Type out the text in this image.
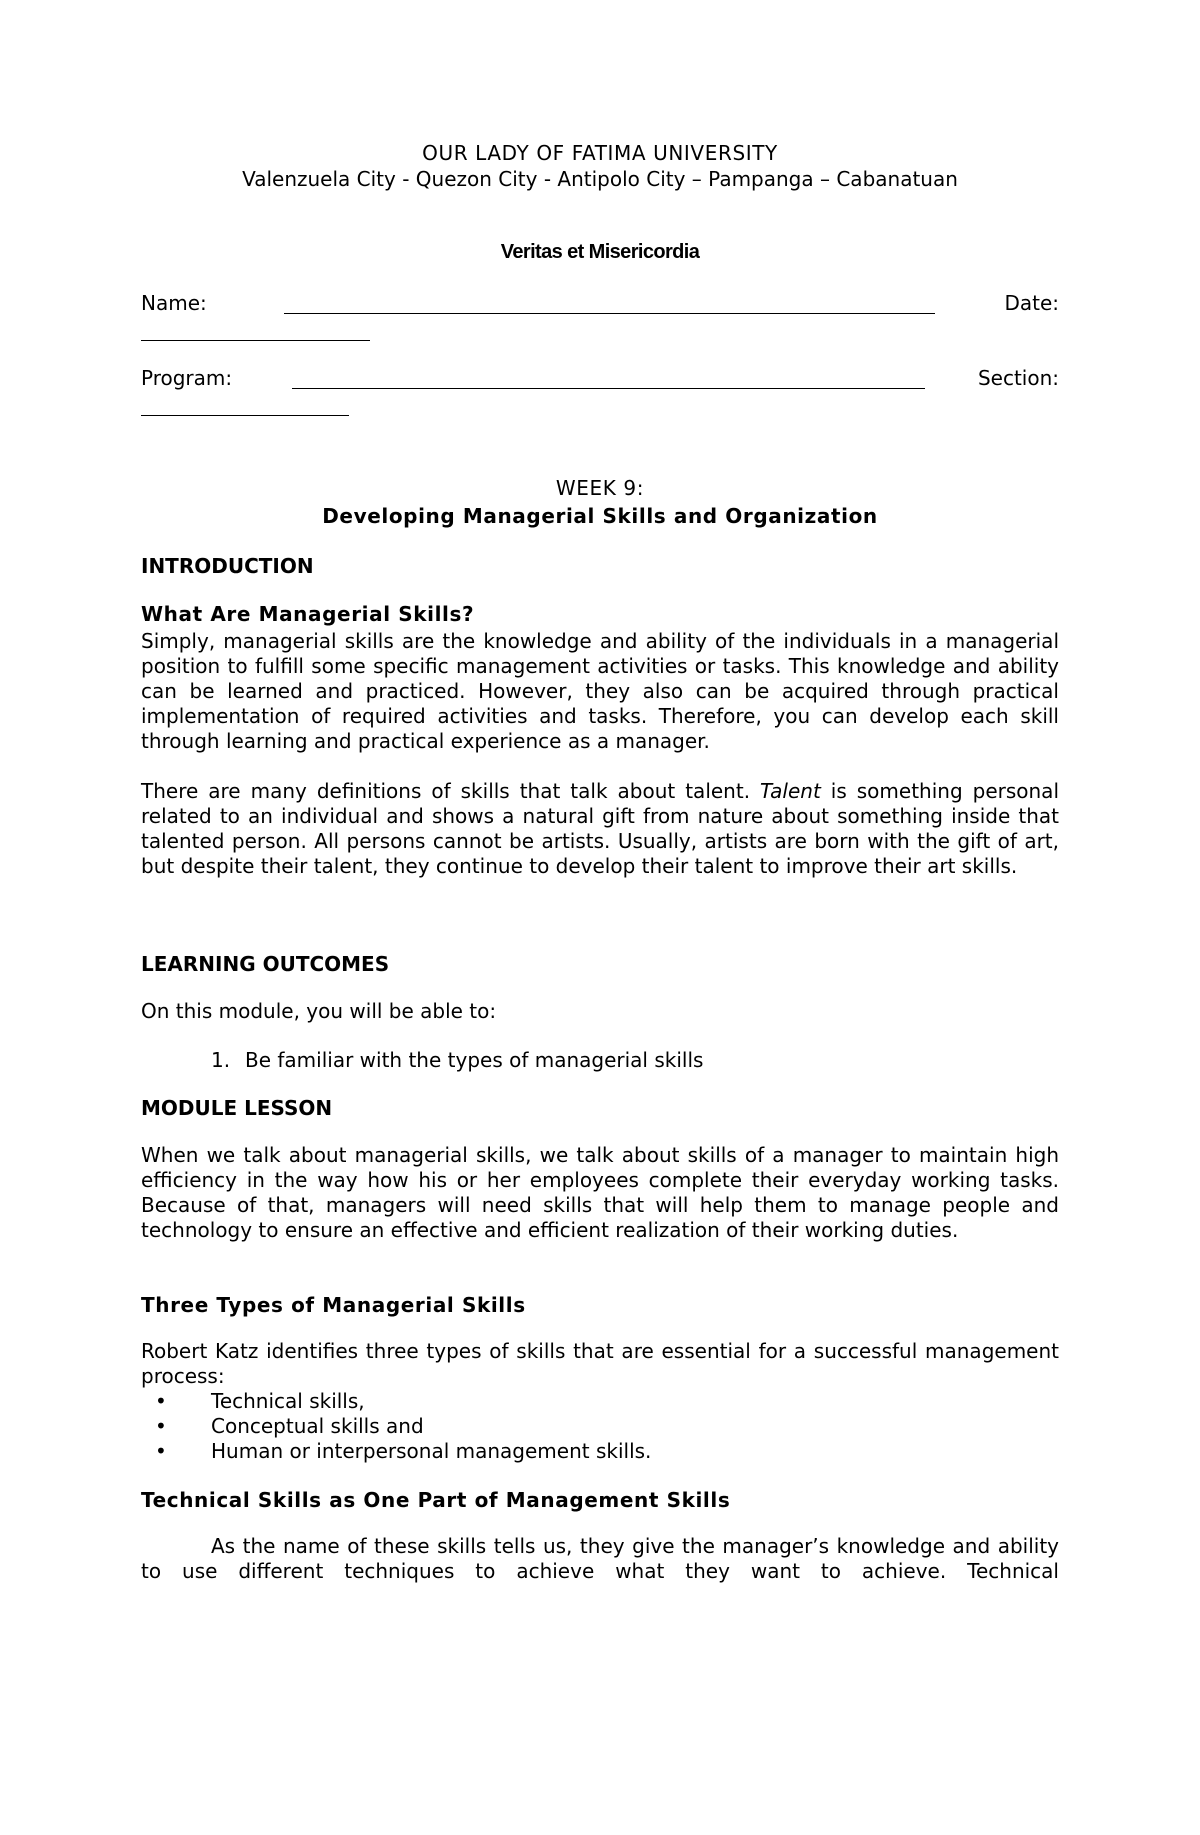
OUR LADY OF FATIMA UNIVERSITY

Valenzuela City - Quezon City - Antipolo City – Pampanga – Cabanatuan

Veritas et Misericordia

Name:	Date:
Program:	Section:

WEEK 9:

Developing Managerial Skills and Organization

INTRODUCTION
What Are Managerial Skills?

Simply, managerial skills are the knowledge and ability of the individuals in a managerial position to fulfill some specific management activities or tasks. This knowledge and ability can be learned and practiced. However, they also can be acquired through practical implementation of required activities and tasks. Therefore, you can develop each skill through learning and practical experience as a manager.

There are many definitions of skills that talk about talent. Talent is something personal related to an individual and shows a natural gift from nature about something inside that talented person. All persons cannot be artists. Usually, artists are born with the gift of art, but despite their talent, they continue to develop their talent to improve their art skills.

LEARNING OUTCOMES

On this module, you will be able to:

1. Be familiar with the types of managerial skills
MODULE LESSON

When we talk about managerial skills, we talk about skills of a manager to maintain high efficiency in the way how his or her employees complete their everyday working tasks. Because of that, managers will need skills that will help them to manage people and technology to ensure an effective and efficient realization of their working duties.

Three Types of Managerial Skills

Robert Katz identifies three types of skills that are essential for a successful management process:

• Technical skills,
• Conceptual skills and
• Human or interpersonal management skills.
Technical Skills as One Part of Management Skills

As the name of these skills tells us, they give the manager’s knowledge and ability to use different techniques to achieve what they want to achieve. Technical
